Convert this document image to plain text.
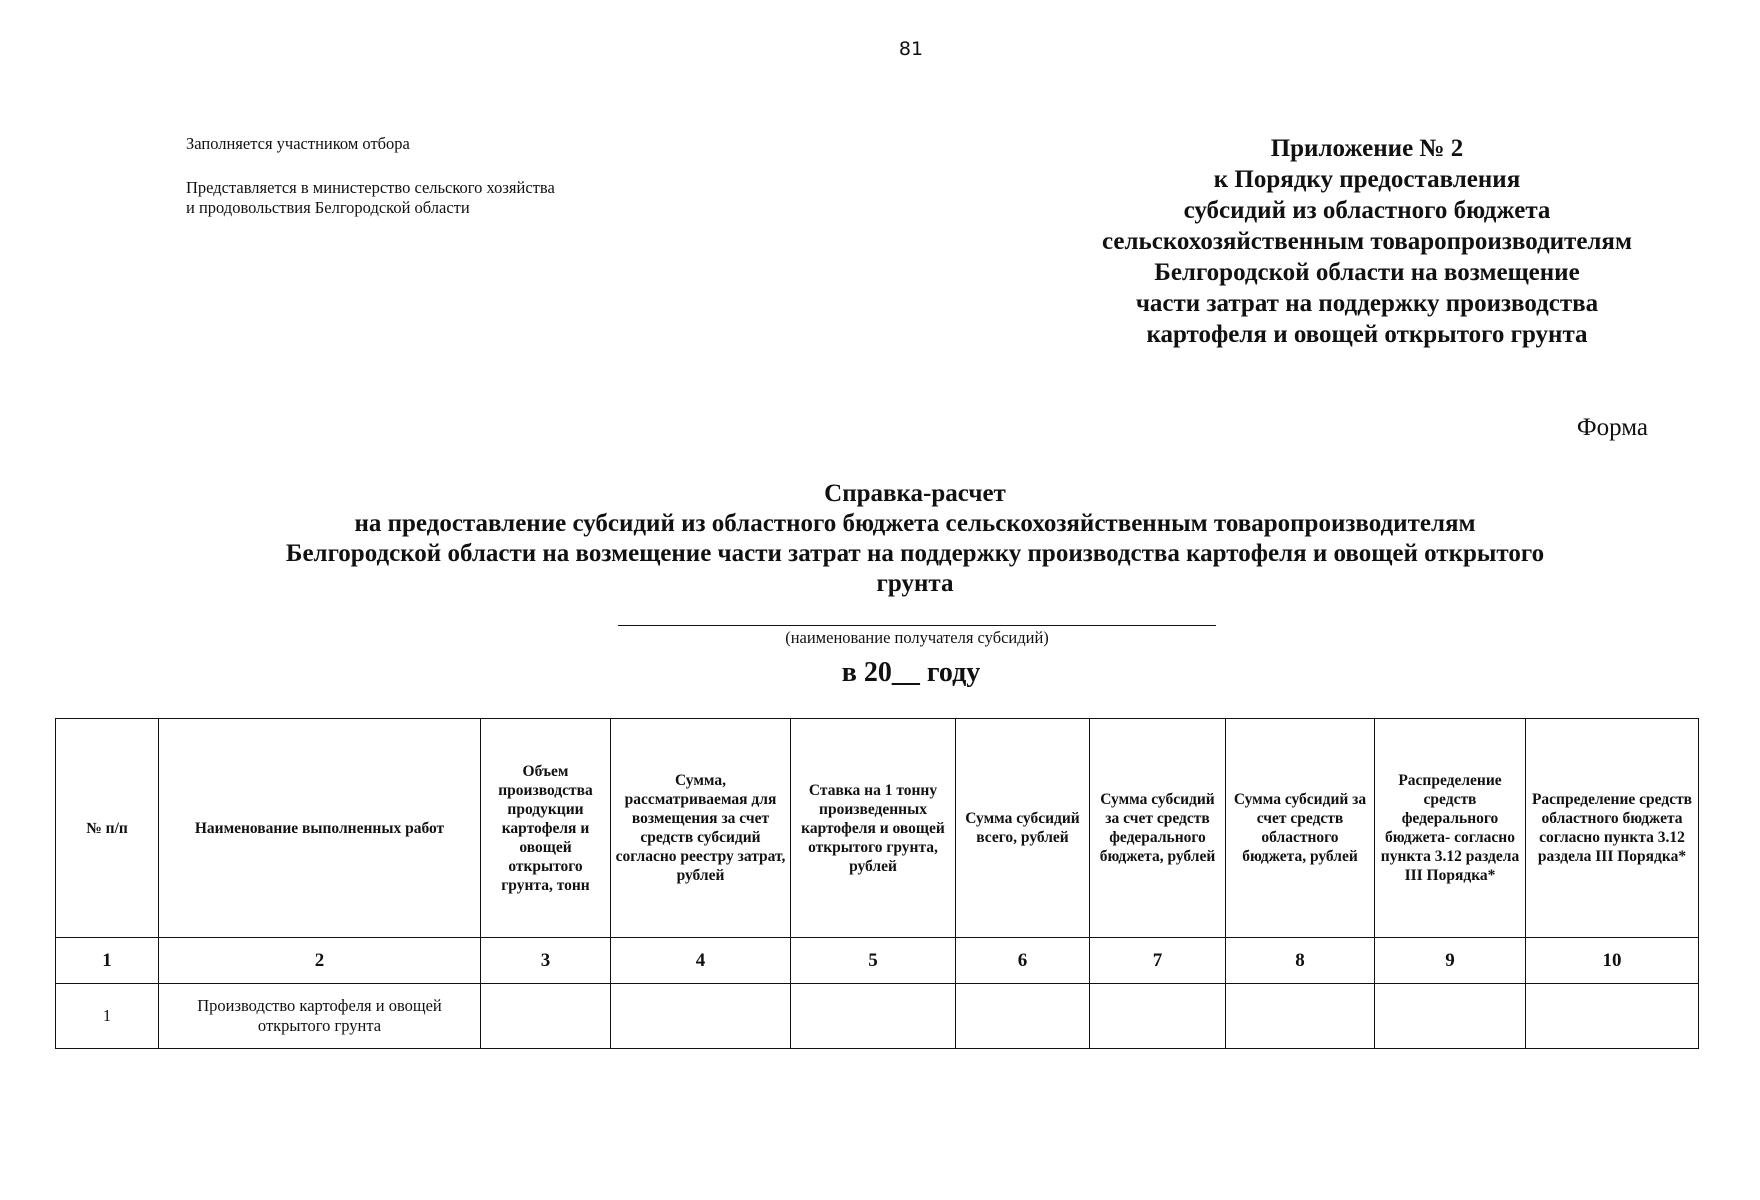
81
Заполняется участником отбора
Представляется в министерство сельского хозяйства
и продовольствия Белгородской области
Приложение № 2
к Порядку предоставления
субсидий из областного бюджета
сельскохозяйственным товаропроизводителям
Белгородской области на возмещение
части затрат на поддержку производства
картофеля и овощей открытого грунта
Форма
Справка-расчет
на предоставление субсидий из областного бюджета сельскохозяйственным товаропроизводителям
Белгородской области на возмещение части затрат на поддержку производства картофеля и овощей открытого
грунта
(наименование получателя субсидий)
в 20__ году
№ п/п	Наименование выполненных работ	Объем производства продукции картофеля и овощей открытого грунта, тонн	Сумма, рассматриваемая для возмещения за счет средств субсидий согласно реестру затрат, рублей	Ставка на 1 тонну произведенных картофеля и овощей открытого грунта, рублей	Сумма субсидий всего, рублей	Сумма субсидий за счет средств федерального бюджета, рублей	Сумма субсидий за счет средств областного бюджета, рублей	Распределение средств федерального бюджета- согласно пункта 3.12 раздела III Порядка*	Распределение средств областного бюджета согласно пункта 3.12 раздела III Порядка*
1	2	3	4	5	6	7	8	9	10
1	Производство картофеля и овощей открытого грунта								
